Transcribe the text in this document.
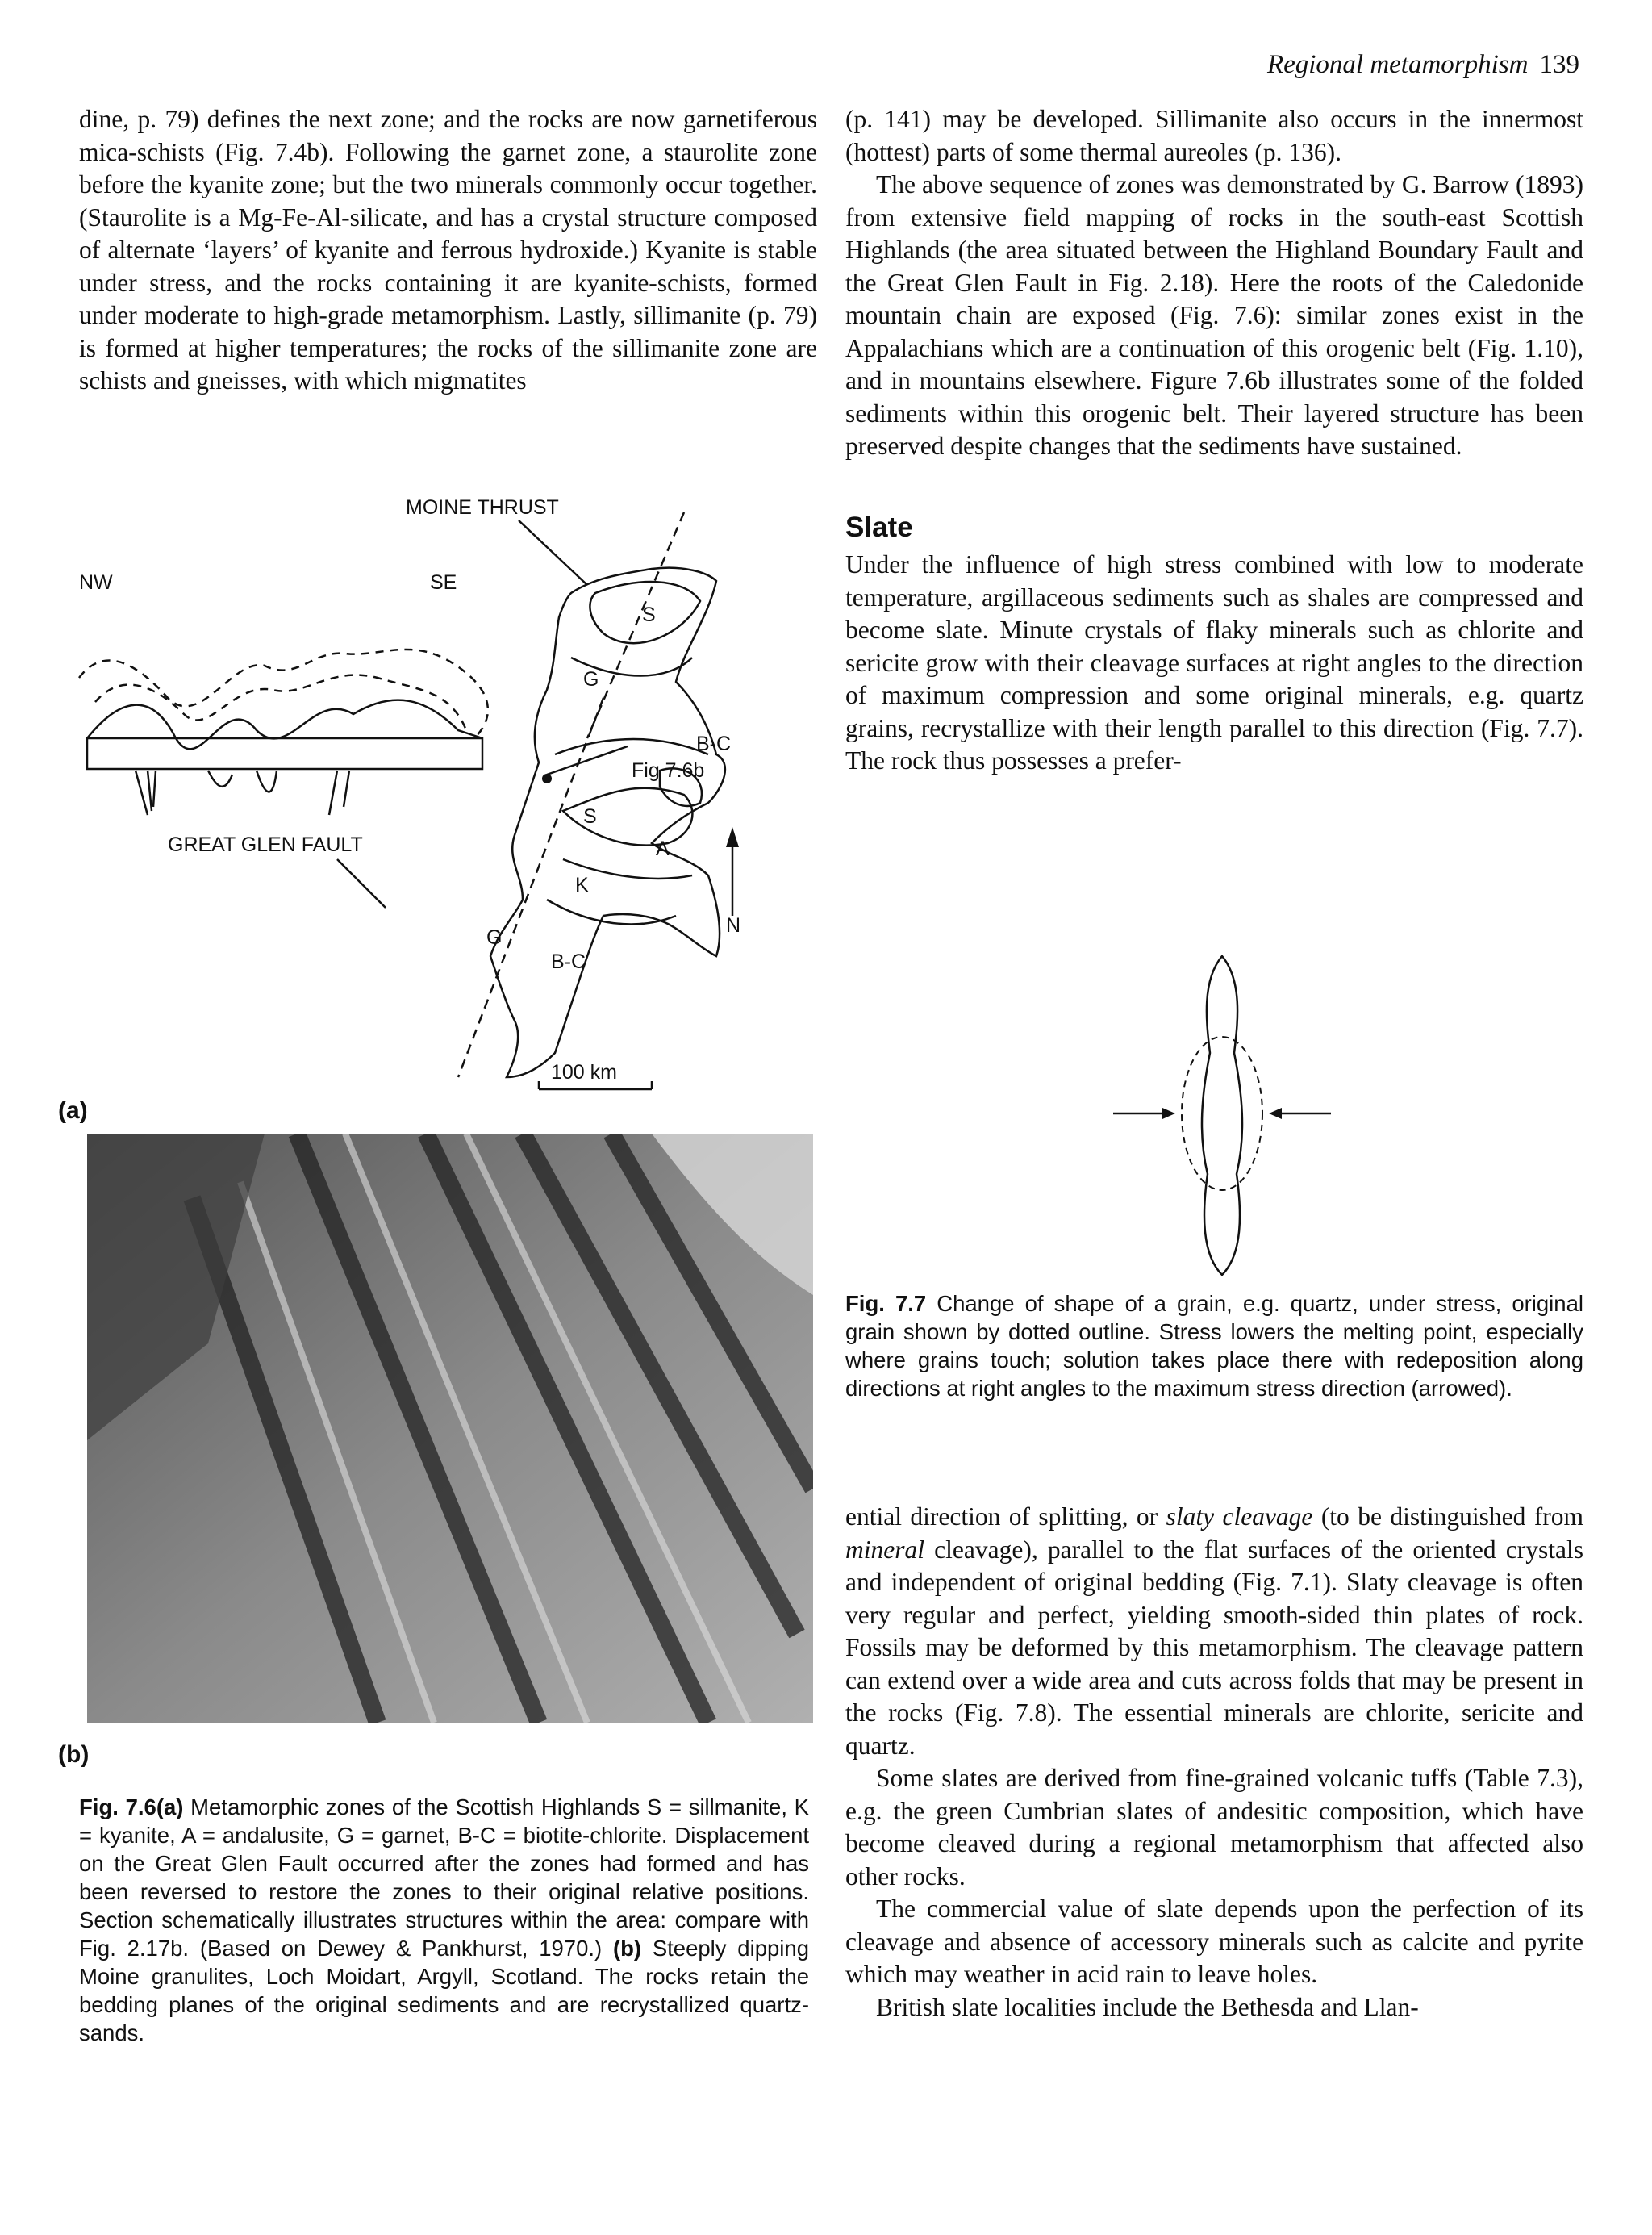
Regional metamorphism 139

dine, p. 79) defines the next zone; and the rocks are now garnetiferous mica-schists (Fig. 7.4b). Following the garnet zone, a staurolite zone before the kyanite zone; but the two minerals commonly occur together. (Staurolite is a Mg-Fe-Al-silicate, and has a crystal structure composed of alternate ‘layers’ of kyanite and ferrous hydroxide.) Kyanite is stable under stress, and the rocks containing it are kyanite-schists, formed under moderate to high-grade metamorphism. Lastly, sillimanite (p. 79) is formed at higher temperatures; the rocks of the sillimanite zone are schists and gneisses, with which migmatites

MOINE THRUST
NW	SE
GREAT GLEN FAULT
Fig 7.6b
N
100 km
S
G
B-C
S
A
K
G
B-C
(a)
(b)
Fig. 7.6(a) Metamorphic zones of the Scottish Highlands S = sillmanite, K = kyanite, A = andalusite, G = garnet, B-C = biotite-chlorite. Displacement on the Great Glen Fault occurred after the zones had formed and has been reversed to restore the zones to their original relative positions. Section schematically illustrates structures within the area: compare with Fig. 2.17b. (Based on Dewey & Pankhurst, 1970.) (b) Steeply dipping Moine granulites, Loch Moidart, Argyll, Scotland. The rocks retain the bedding planes of the original sediments and are recrystallized quartz-sands.

(p. 141) may be developed. Sillimanite also occurs in the innermost (hottest) parts of some thermal aureoles (p. 136).

The above sequence of zones was demonstrated by G. Barrow (1893) from extensive field mapping of rocks in the south-east Scottish Highlands (the area situated between the Highland Boundary Fault and the Great Glen Fault in Fig. 2.18). Here the roots of the Caledonide mountain chain are exposed (Fig. 7.6): similar zones exist in the Appalachians which are a continuation of this orogenic belt (Fig. 1.10), and in mountains elsewhere. Figure 7.6b illustrates some of the folded sediments within this orogenic belt. Their layered structure has been preserved despite changes that the sediments have sustained.

Slate

Under the influence of high stress combined with low to moderate temperature, argillaceous sediments such as shales are compressed and become slate. Minute crystals of flaky minerals such as chlorite and sericite grow with their cleavage surfaces at right angles to the direction of maximum compression and some original minerals, e.g. quartz grains, recrystallize with their length parallel to this direction (Fig. 7.7). The rock thus possesses a prefer-

Fig. 7.7 Change of shape of a grain, e.g. quartz, under stress, original grain shown by dotted outline. Stress lowers the melting point, especially where grains touch; solution takes place there with redeposition along directions at right angles to the maximum stress direction (arrowed).

ential direction of splitting, or slaty cleavage (to be distinguished from mineral cleavage), parallel to the flat surfaces of the oriented crystals and independent of original bedding (Fig. 7.1). Slaty cleavage is often very regular and perfect, yielding smooth-sided thin plates of rock. Fossils may be deformed by this metamorphism. The cleavage pattern can extend over a wide area and cuts across folds that may be present in the rocks (Fig. 7.8). The essential minerals are chlorite, sericite and quartz.

Some slates are derived from fine-grained volcanic tuffs (Table 7.3), e.g. the green Cumbrian slates of andesitic composition, which have become cleaved during a regional metamorphism that affected also other rocks.

The commercial value of slate depends upon the perfection of its cleavage and absence of accessory minerals such as calcite and pyrite which may weather in acid rain to leave holes.

British slate localities include the Bethesda and Llan-
